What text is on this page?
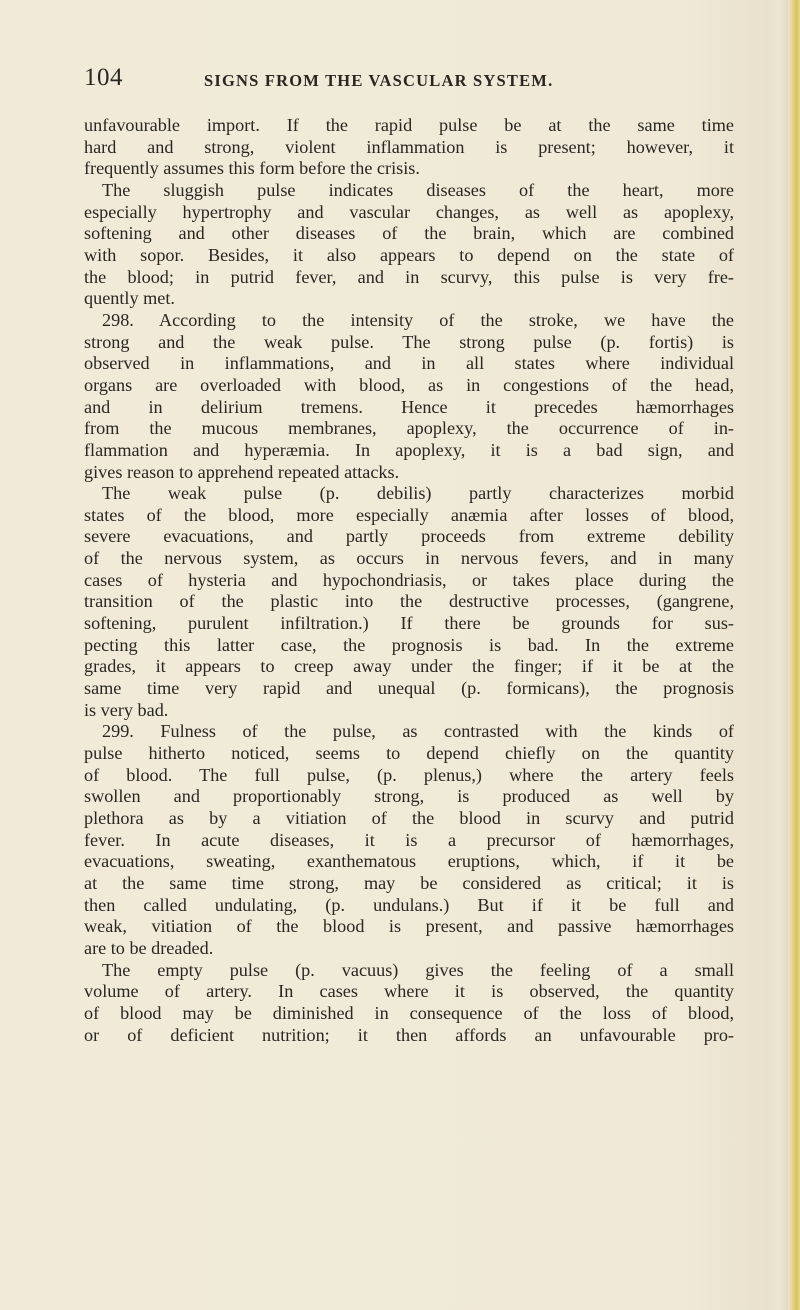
104	SIGNS FROM THE VASCULAR SYSTEM.
unfavourable import. If the rapid pulse be at the same time
hard and strong, violent inflammation is present; however, it
frequently assumes this form before the crisis.
The sluggish pulse indicates diseases of the heart, more
especially hypertrophy and vascular changes, as well as apoplexy,
softening and other diseases of the brain, which are combined
with sopor. Besides, it also appears to depend on the state of
the blood; in putrid fever, and in scurvy, this pulse is very fre-
quently met.
298. According to the intensity of the stroke, we have the
strong and the weak pulse. The strong pulse (p. fortis) is
observed in inflammations, and in all states where individual
organs are overloaded with blood, as in congestions of the head,
and in delirium tremens. Hence it precedes hæmorrhages
from the mucous membranes, apoplexy, the occurrence of in-
flammation and hyperæmia. In apoplexy, it is a bad sign, and
gives reason to apprehend repeated attacks.
The weak pulse (p. debilis) partly characterizes morbid
states of the blood, more especially anæmia after losses of blood,
severe evacuations, and partly proceeds from extreme debility
of the nervous system, as occurs in nervous fevers, and in many
cases of hysteria and hypochondriasis, or takes place during the
transition of the plastic into the destructive processes, (gangrene,
softening, purulent infiltration.) If there be grounds for sus-
pecting this latter case, the prognosis is bad. In the extreme
grades, it appears to creep away under the finger; if it be at the
same time very rapid and unequal (p. formicans), the prognosis
is very bad.
299. Fulness of the pulse, as contrasted with the kinds of
pulse hitherto noticed, seems to depend chiefly on the quantity
of blood. The full pulse, (p. plenus,) where the artery feels
swollen and proportionably strong, is produced as well by
plethora as by a vitiation of the blood in scurvy and putrid
fever. In acute diseases, it is a precursor of hæmorrhages,
evacuations, sweating, exanthematous eruptions, which, if it be
at the same time strong, may be considered as critical; it is
then called undulating, (p. undulans.) But if it be full and
weak, vitiation of the blood is present, and passive hæmorrhages
are to be dreaded.
The empty pulse (p. vacuus) gives the feeling of a small
volume of artery. In cases where it is observed, the quantity
of blood may be diminished in consequence of the loss of blood,
or of deficient nutrition; it then affords an unfavourable pro-
